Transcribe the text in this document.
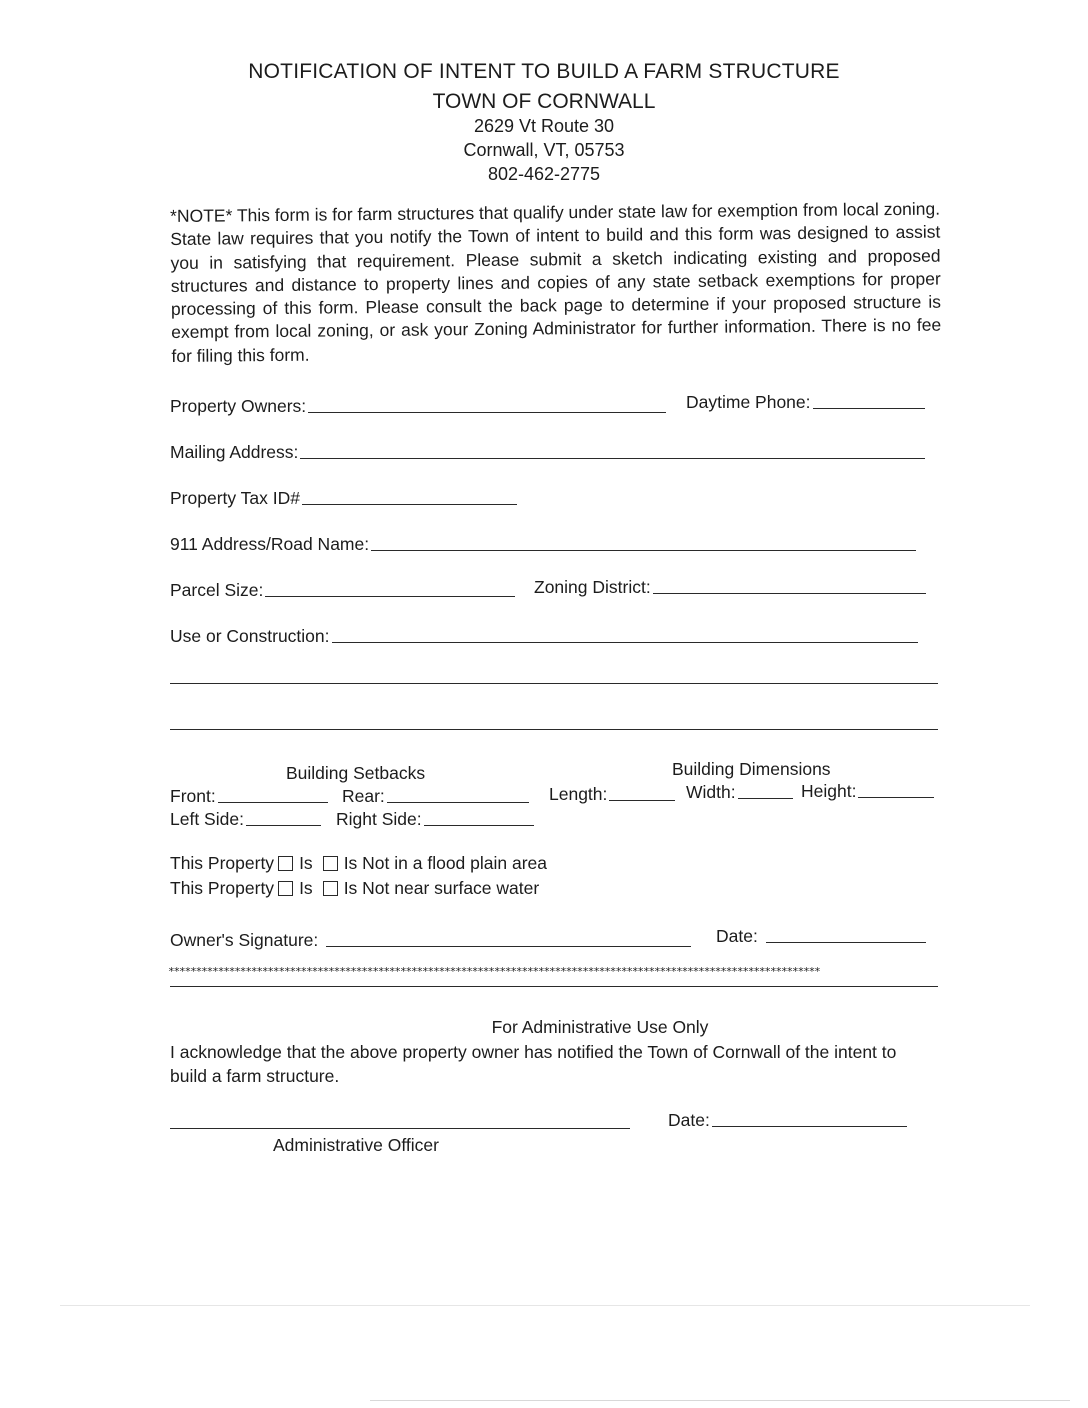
NOTIFICATION OF INTENT TO BUILD A FARM STRUCTURE
TOWN OF CORNWALL
2629 Vt Route 30
Cornwall, VT, 05753
802-462-2775
*NOTE* This form is for farm structures that qualify under state law for exemption from local zoning. State law requires that you notify the Town of intent to build and this form was designed to assist you in satisfying that requirement. Please submit a sketch indicating existing and proposed structures and distance to property lines and copies of any state setback exemptions for proper processing of this form. Please consult the back page to determine if your proposed structure is exempt from local zoning, or ask your Zoning Administrator for further information. There is no fee for filing this form.
Property Owners:	Daytime Phone:
Mailing Address:
Property Tax ID#
911 Address/Road Name:
Parcel Size:	Zoning District:
Use or Construction:
Building Setbacks	Building Dimensions
Front:	Rear:	Length:	Width:	Height:
Left Side:	Right Side:
This Property Is Is Not in a flood plain area
This Property Is Is Not near surface water
Owner's Signature:	Date:
**********************************************************************************************************************
For Administrative Use Only
I acknowledge that the above property owner has notified the Town of Cornwall of the intent to build a farm structure.
Date:
Administrative Officer
